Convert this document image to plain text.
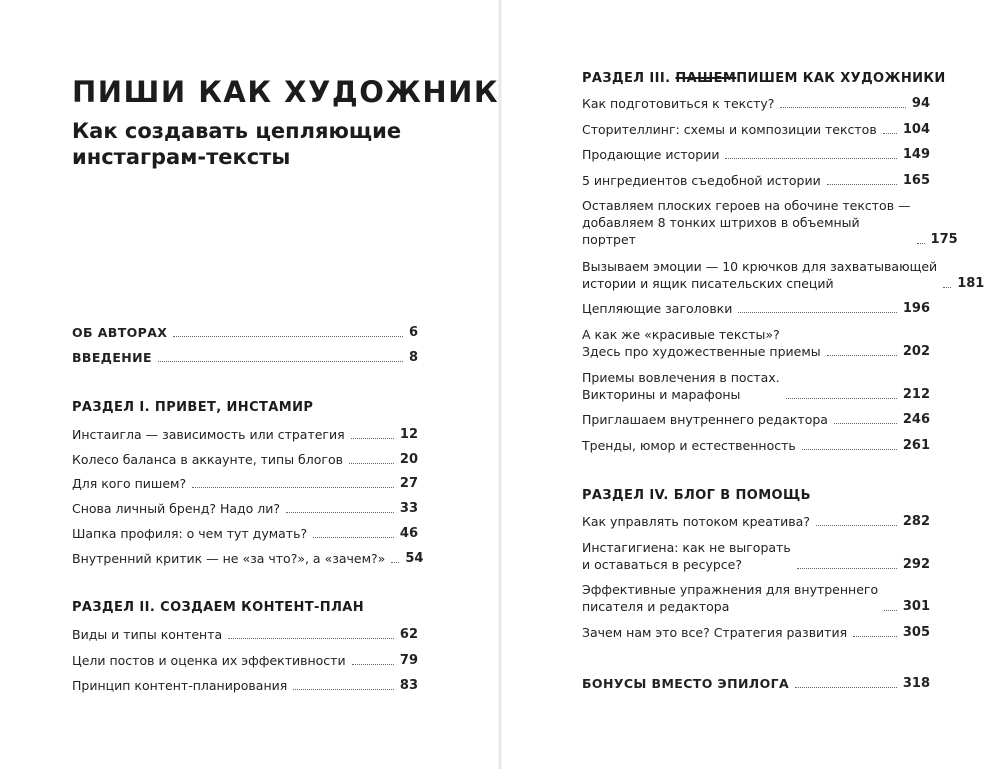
ПИШИ КАК ХУДОЖНИК
Как создавать цепляющие
инстаграм-тексты
ОБ АВТОРАХ	6
ВВЕДЕНИЕ	8
РАЗДЕЛ I. ПРИВЕТ, ИНСТАМИР
Инстаигла — зависимость или стратегия	12
Колесо баланса в аккаунте, типы блогов	20
Для кого пишем?	27
Снова личный бренд? Надо ли?	33
Шапка профиля: о чем тут думать?	46
Внутренний критик — не «за что?», а «зачем?» 54
РАЗДЕЛ II. СОЗДАЕМ КОНТЕНТ-ПЛАН
Виды и типы контента	62
Цели постов и оценка их эффективности	79
Принцип контент-планирования	83
РАЗДЕЛ III. ПАШЕМПИШЕМ КАК ХУДОЖНИКИ
Как подготовиться к тексту?	94
Сторителлинг: схемы и композиции текстов 104
Продающие истории	149
5 ингредиентов съедобной истории	165
Оставляем плоских героев на обочине текстов —
добавляем 8 тонких штрихов в объемный
портрет	175
Вызываем эмоции — 10 крючков для захватывающей
истории и ящик писательских специй	181
Цепляющие заголовки	196
А как же «красивые тексты»?
Здесь про художественные приемы	202
Приемы вовлечения в постах.
Викторины и марафоны	212
Приглашаем внутреннего редактора	246
Тренды, юмор и естественность	261
РАЗДЕЛ IV. БЛОГ В ПОМОЩЬ
Как управлять потоком креатива?	282
Инстагигиена: как не выгорать
и оставаться в ресурсе?	292
Эффективные упражнения для внутреннего
писателя и редактора	301
Зачем нам это все? Стратегия развития	305
БОНУСЫ ВМЕСТО ЭПИЛОГА	318
